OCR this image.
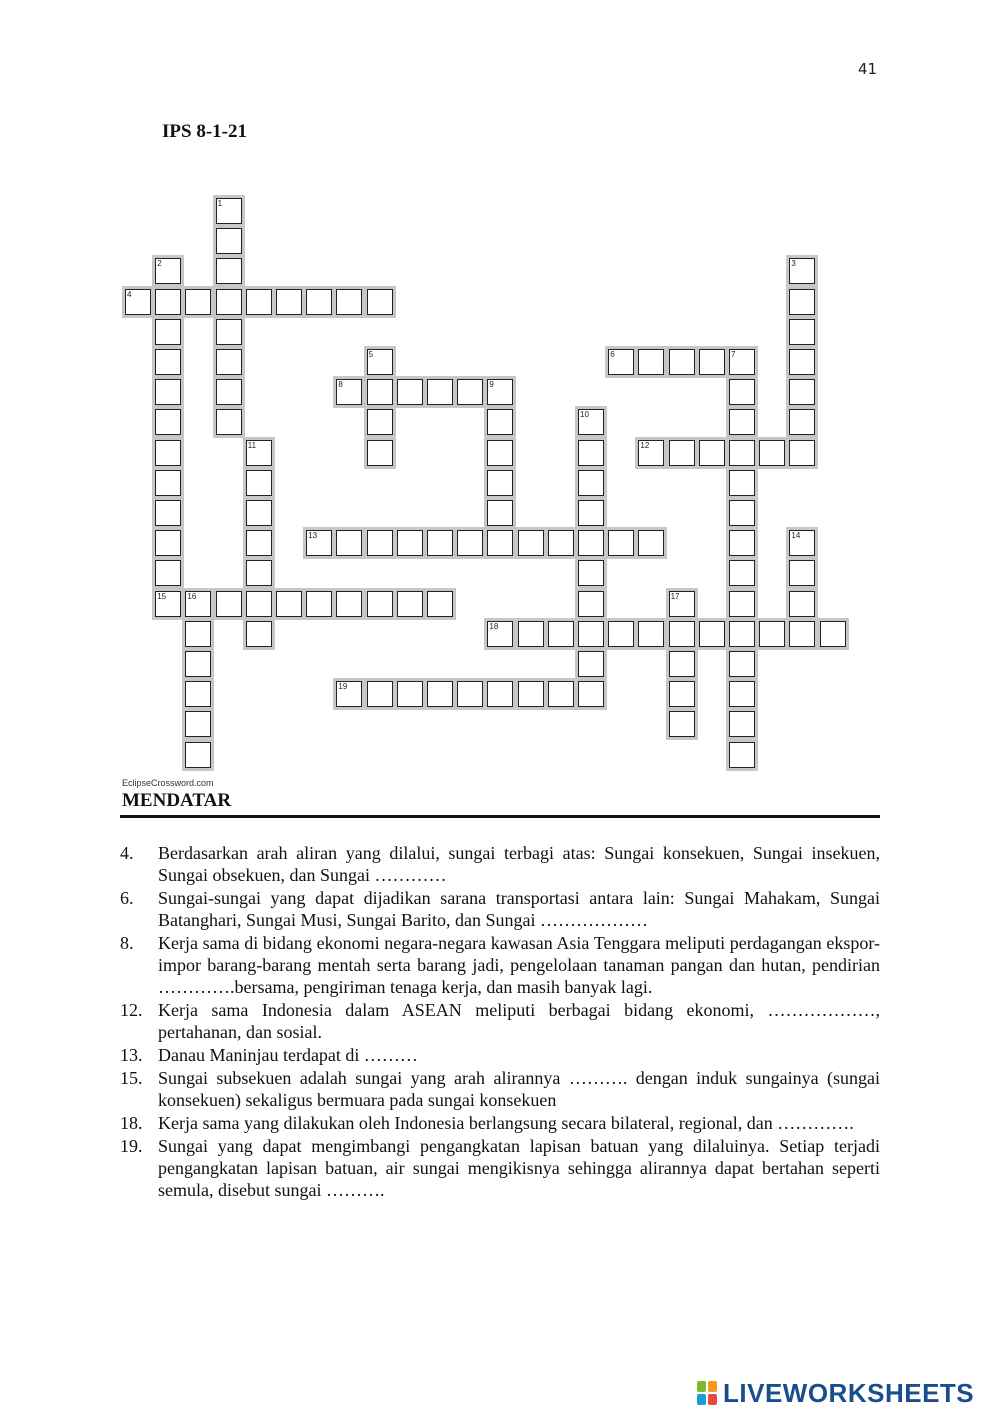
41
IPS 8-1-21
1
2	3
4
5	6	7
8	9
10
11	12
13	14
15	16	17
18
19
EclipseCrossword.com
MENDATAR
4.	Berdasarkan arah aliran yang dilalui, sungai terbagi atas: Sungai konsekuen, Sungai insekuen, Sungai obsekuen, dan Sungai …………
6.	Sungai-sungai yang dapat dijadikan sarana transportasi antara lain: Sungai Mahakam, Sungai Batanghari, Sungai Musi, Sungai Barito, dan Sungai ………………
8.	Kerja sama di bidang ekonomi negara-negara kawasan Asia Tenggara meliputi perdagangan ekspor-impor barang-barang mentah serta barang jadi, pengelolaan tanaman pangan dan hutan, pendirian ………….bersama, pengiriman tenaga kerja, dan masih banyak lagi.
12. Kerja sama Indonesia dalam ASEAN meliputi berbagai bidang ekonomi, ………………, pertahanan, dan sosial.
13. Danau Maninjau terdapat di ………
15. Sungai subsekuen adalah sungai yang arah alirannya ………. dengan induk sungainya (sungai konsekuen) sekaligus bermuara pada sungai konsekuen
18. Kerja sama yang dilakukan oleh Indonesia berlangsung secara bilateral, regional, dan ………….
19. Sungai yang dapat mengimbangi pengangkatan lapisan batuan yang dilaluinya. Setiap terjadi pengangkatan lapisan batuan, air sungai mengikisnya sehingga alirannya dapat bertahan seperti semula, disebut sungai ……….
LIVEWORKSHEETS
